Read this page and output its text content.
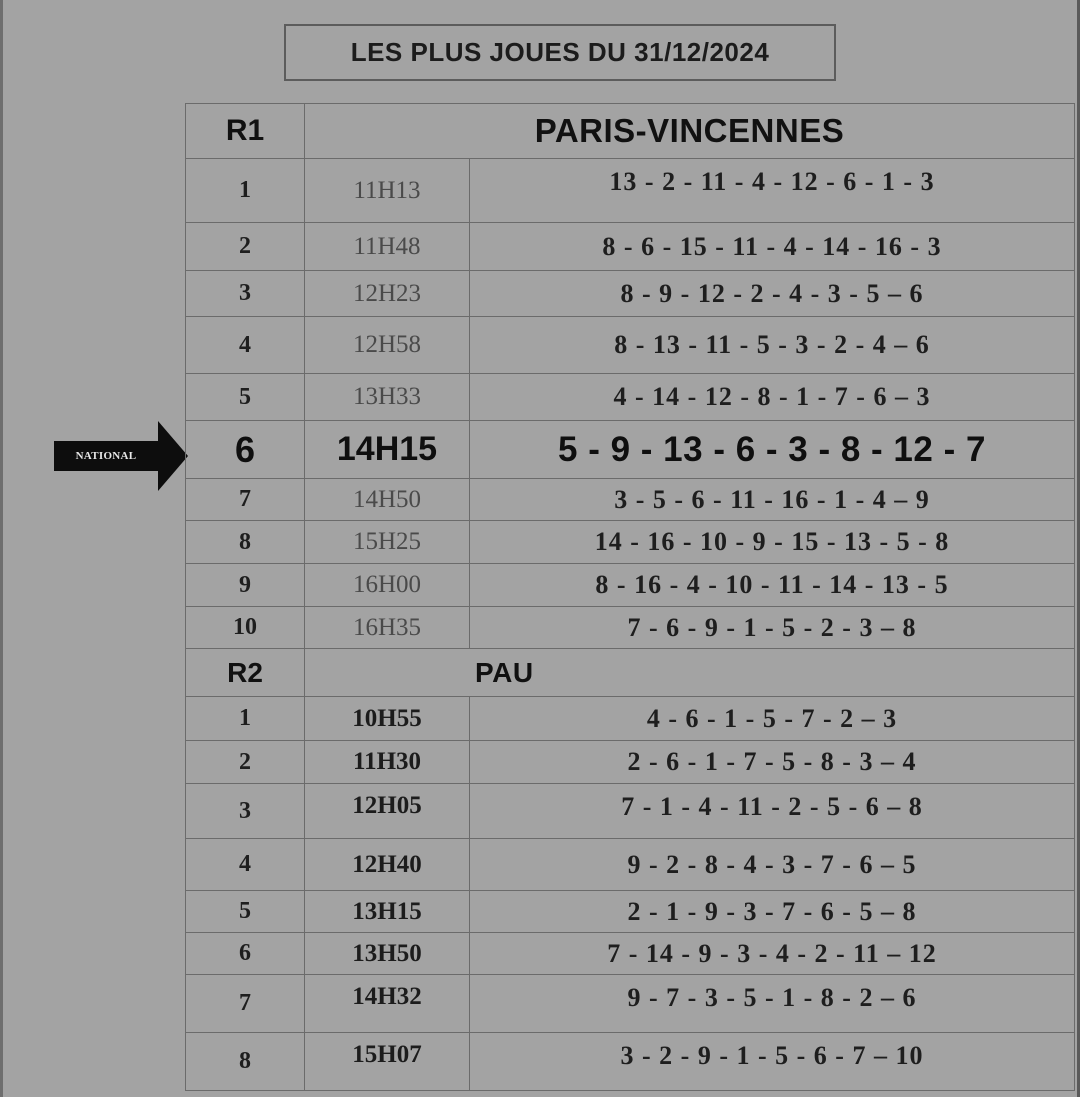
LES PLUS JOUES DU 31/12/2024
NATIONAL
R1	PARIS-VINCENNES	
1	11H13	13 - 2 - 11 - 4 - 12 - 6 - 1 - 3
2	11H48	8 - 6 - 15 - 11 - 4 - 14 - 16 - 3
3	12H23	8 - 9 - 12 - 2 - 4 - 3 - 5 – 6
4	12H58	8 - 13 - 11 - 5 - 3 - 2 - 4 – 6
5	13H33	4 - 14 - 12 - 8 - 1 - 7 - 6 – 3
6	14H15	5 - 9 - 13 - 6 - 3 - 8 - 12 - 7
7	14H50	3 - 5 - 6 - 11 - 16 - 1 - 4 – 9
8	15H25	14 - 16 - 10 - 9 - 15 - 13 - 5 - 8
9	16H00	8 - 16 - 4 - 10 - 11 - 14 - 13 - 5
10	16H35	7 - 6 - 9 - 1 - 5 - 2 - 3 – 8
R2	PAU	
1	10H55	4 - 6 - 1 - 5 - 7 - 2 – 3
2	11H30	2 - 6 - 1 - 7 - 5 - 8 - 3 – 4
3	12H05	7 - 1 - 4 - 11 - 2 - 5 - 6 – 8
4	12H40	9 - 2 - 8 - 4 - 3 - 7 - 6 – 5
5	13H15	2 - 1 - 9 - 3 - 7 - 6 - 5 – 8
6	13H50	7 - 14 - 9 - 3 - 4 - 2 - 11 – 12
7	14H32	9 - 7 - 3 - 5 - 1 - 8 - 2 – 6
8	15H07	3 - 2 - 9 - 1 - 5 - 6 - 7 – 10
